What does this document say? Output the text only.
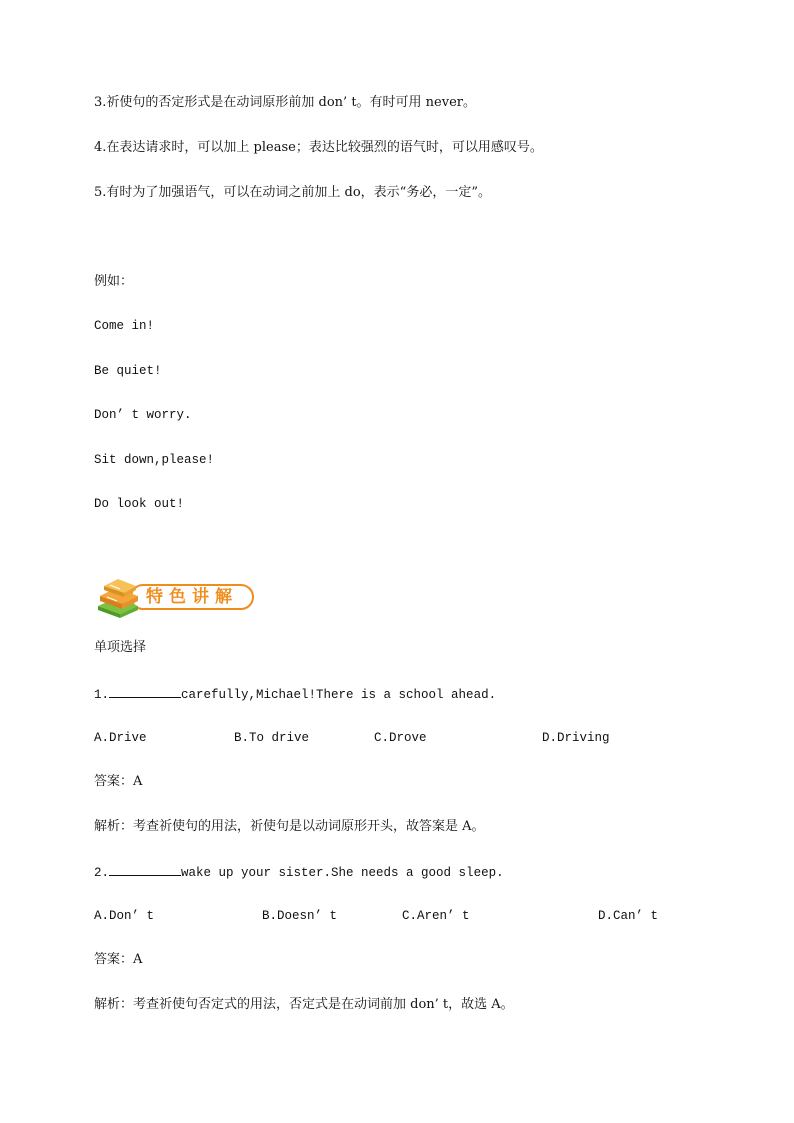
3.祈使句的否定形式是在动词原形前加 don’ t。有时可用 never。
4.在表达请求时，可以加上 please；表达比较强烈的语气时，可以用感叹号。
5.有时为了加强语气，可以在动词之前加上 do，表示“务必，一定”。
例如：
Come in!
Be quiet!
Don’ t worry.
Sit down,please!
Do look out!
特色讲解
单项选择
1.	carefully,Michael!There is a school ahead.
A.Drive	B.To drive	C.Drove	D.Driving
答案：A
解析：考查祈使句的用法，祈使句是以动词原形开头，故答案是 A。
2.	wake up your sister.She needs a good sleep.
A.Don’ t	B.Doesn’ t	C.Aren’ t	D.Can’ t
答案：A
解析：考查祈使句否定式的用法，否定式是在动词前加 don’ t，故选 A。
